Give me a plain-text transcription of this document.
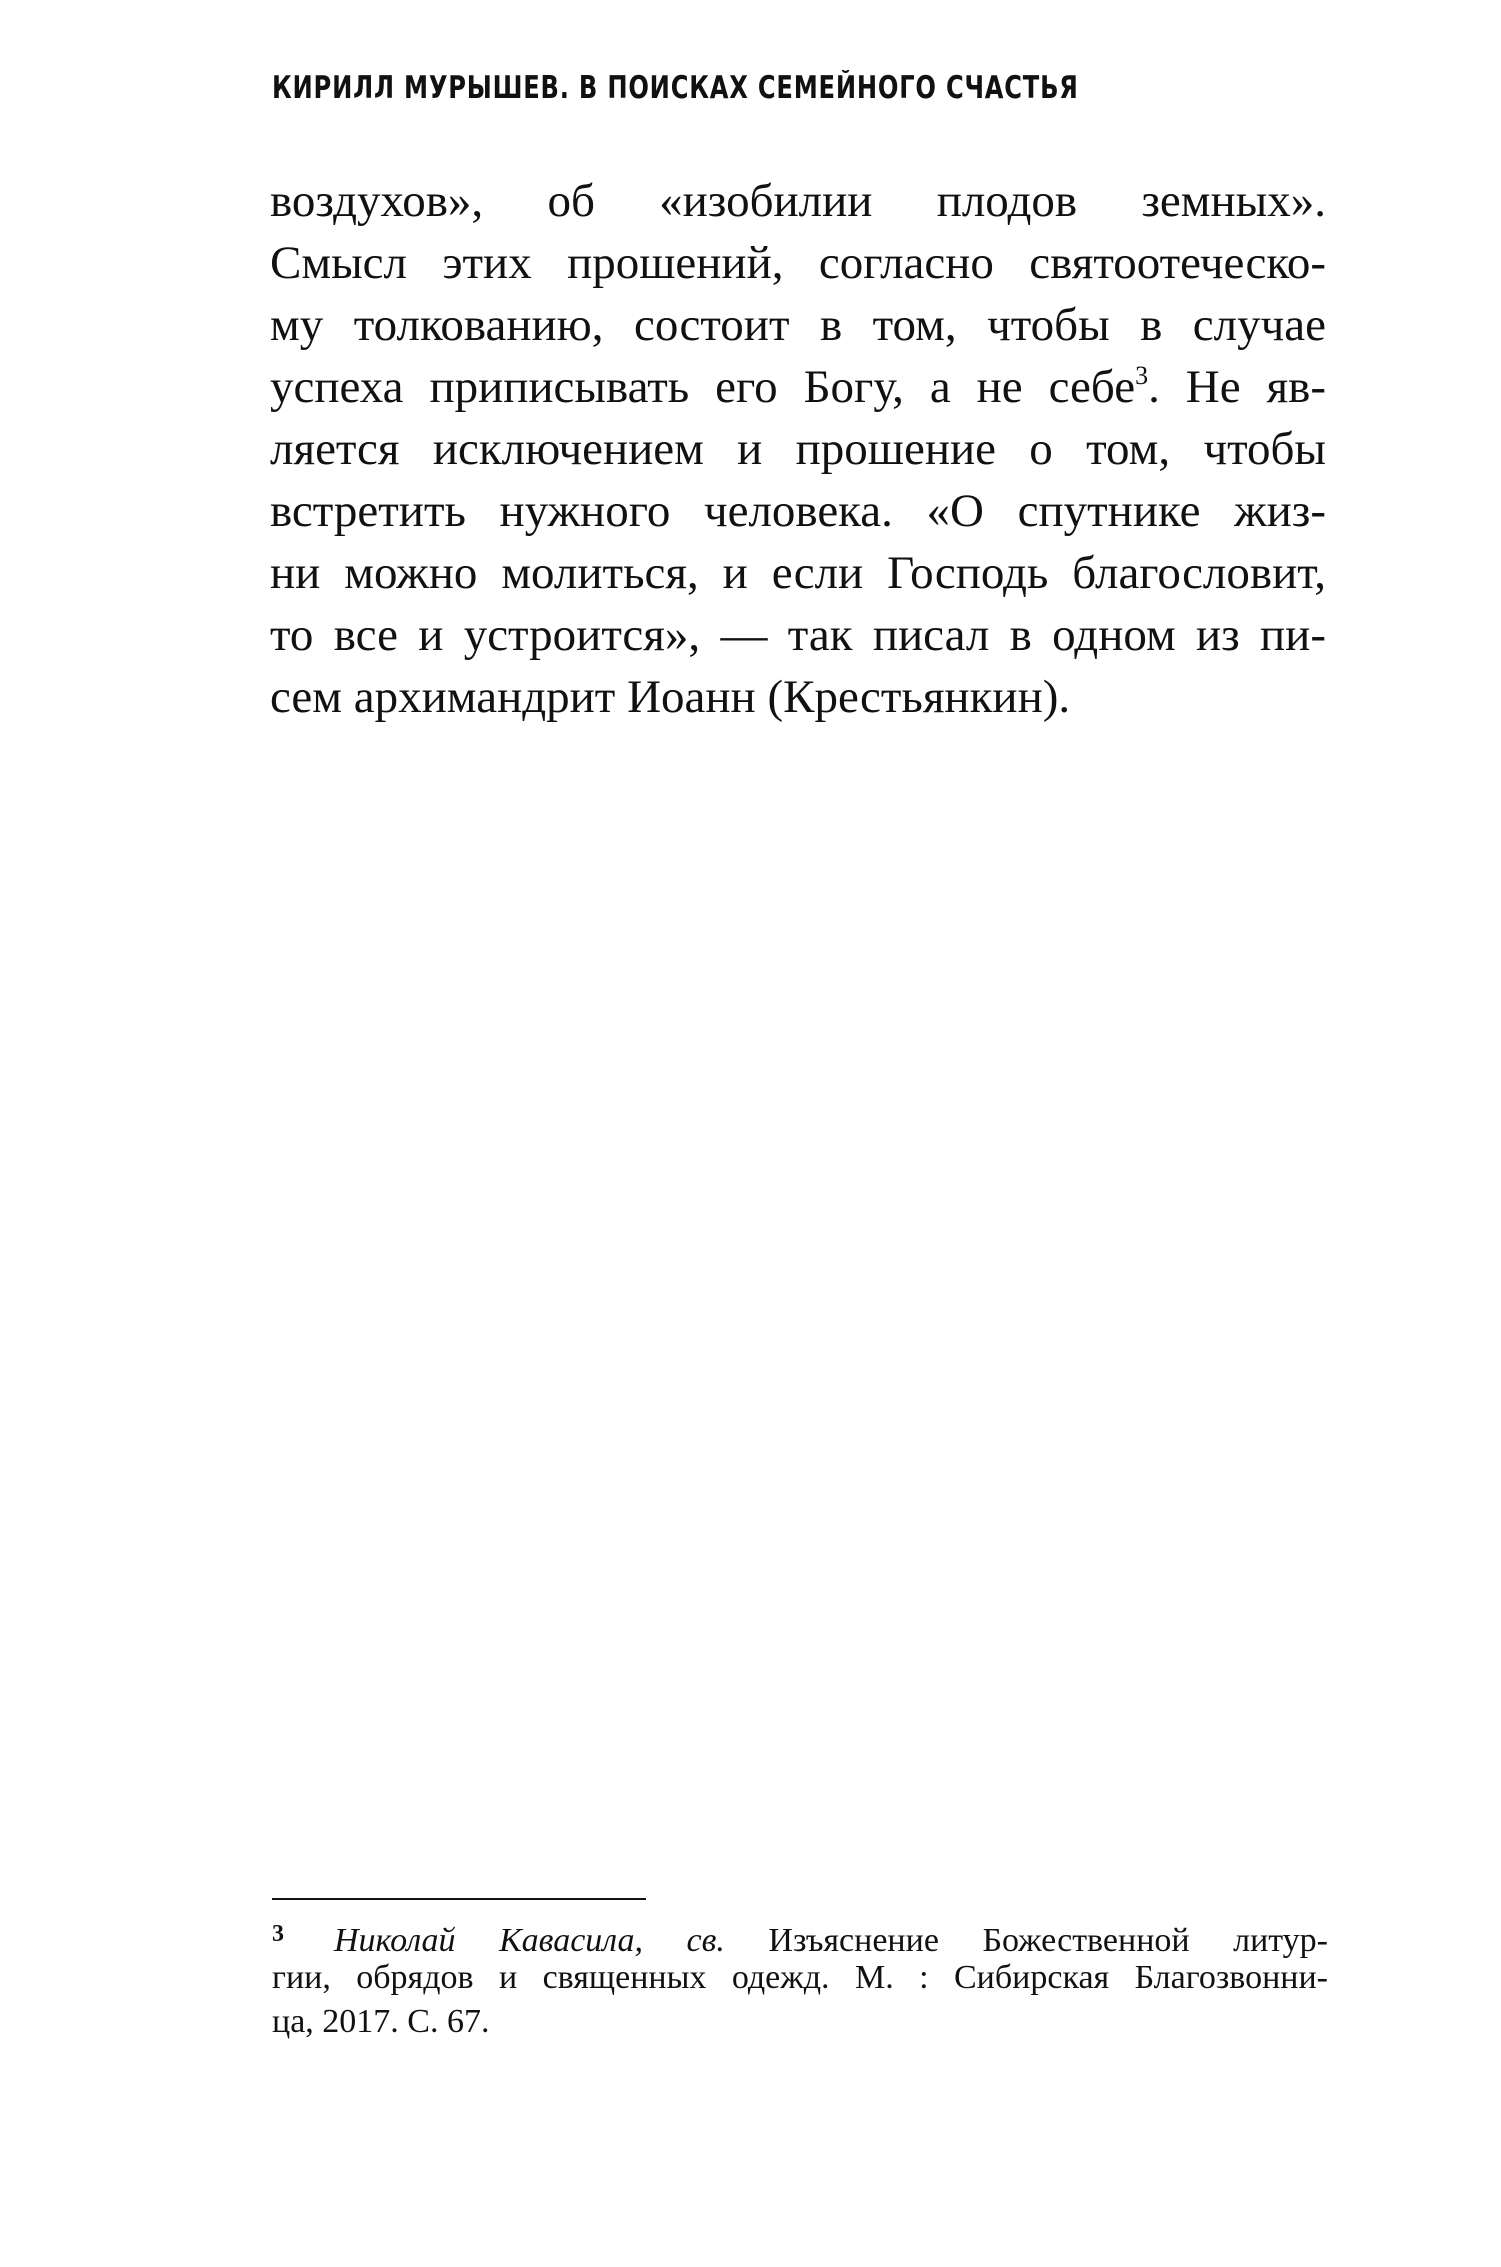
КИРИЛЛ МУРЫШЕВ. В ПОИСКАХ СЕМЕЙНОГО СЧАСТЬЯ
воздухов», об «изобилии плодов земных».
Смысл этих прошений, согласно святоотеческо-
му толкованию, состоит в том, чтобы в случае
успеха приписывать его Богу, а не себе$^3$. Не яв-
ляется исключением и прошение о том, чтобы
встретить нужного человека. «О спутнике жиз-
ни можно молиться, и если Господь благословит,
то все и устроится», — так писал в одном из пи-
сем архимандрит Иоанн (Крестьянкин).
3 Николай Кавасила, св. Изъяснение Божественной литур-
гии, обрядов и священных одежд. М. : Сибирская Благозвонни-
ца, 2017. С. 67.
